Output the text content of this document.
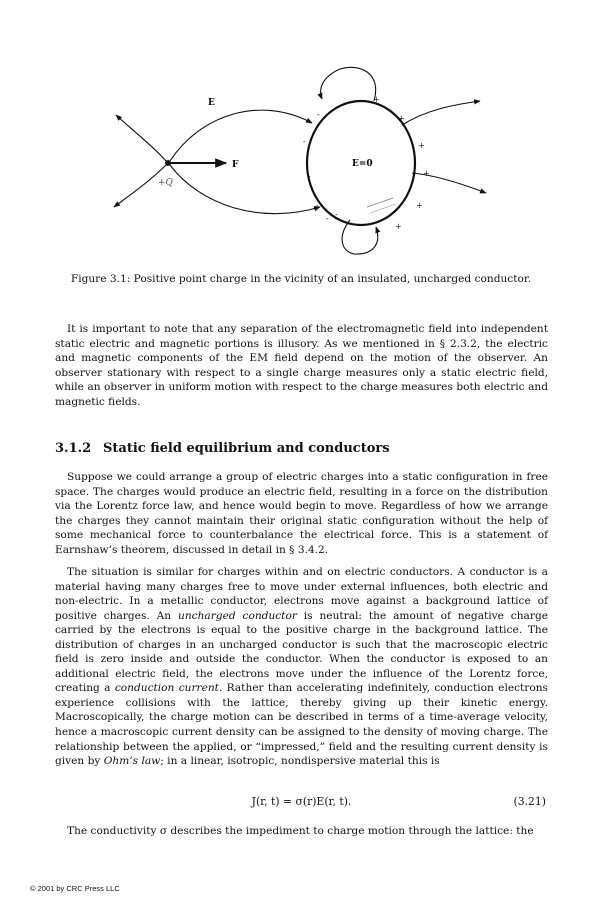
E
F
+Q
E=0
-
-
-
-
- -
+
+
+
+
+
+
Figure 3.1: Positive point charge in the vicinity of an insulated, uncharged conductor.

It is important to note that any separation of the electromagnetic field into independent static electric and magnetic portions is illusory. As we mentioned in § 2.3.2, the electric and magnetic components of the EM field depend on the motion of the observer. An observer stationary with respect to a single charge measures only a static electric field, while an observer in uniform motion with respect to the charge measures both electric and magnetic fields.

3.1.2 Static field equilibrium and conductors

Suppose we could arrange a group of electric charges into a static configuration in free space. The charges would produce an electric field, resulting in a force on the distribution via the Lorentz force law, and hence would begin to move. Regardless of how we arrange the charges they cannot maintain their original static configuration without the help of some mechanical force to counterbalance the electrical force. This is a statement of Earnshaw’s theorem, discussed in detail in § 3.4.2.

The situation is similar for charges within and on electric conductors. A conductor is a material having many charges free to move under external influences, both electric and non-electric. In a metallic conductor, electrons move against a background lattice of positive charges. An uncharged conductor is neutral: the amount of negative charge carried by the electrons is equal to the positive charge in the background lattice. The distribution of charges in an uncharged conductor is such that the macroscopic electric field is zero inside and outside the conductor. When the conductor is exposed to an additional electric field, the electrons move under the influence of the Lorentz force, creating a conduction current. Rather than accelerating indefinitely, conduction electrons experience collisions with the lattice, thereby giving up their kinetic energy. Macroscopically, the charge motion can be described in terms of a time-average velocity, hence a macroscopic current density can be assigned to the density of moving charge. The relationship between the applied, or “impressed,” field and the resulting current density is given by Ohm’s law; in a linear, isotropic, nondispersive material this is

J(r, t) = σ(r)E(r, t).	(3.21)

The conductivity σ describes the impediment to charge motion through the lattice: the

© 2001 by CRC Press LLC
